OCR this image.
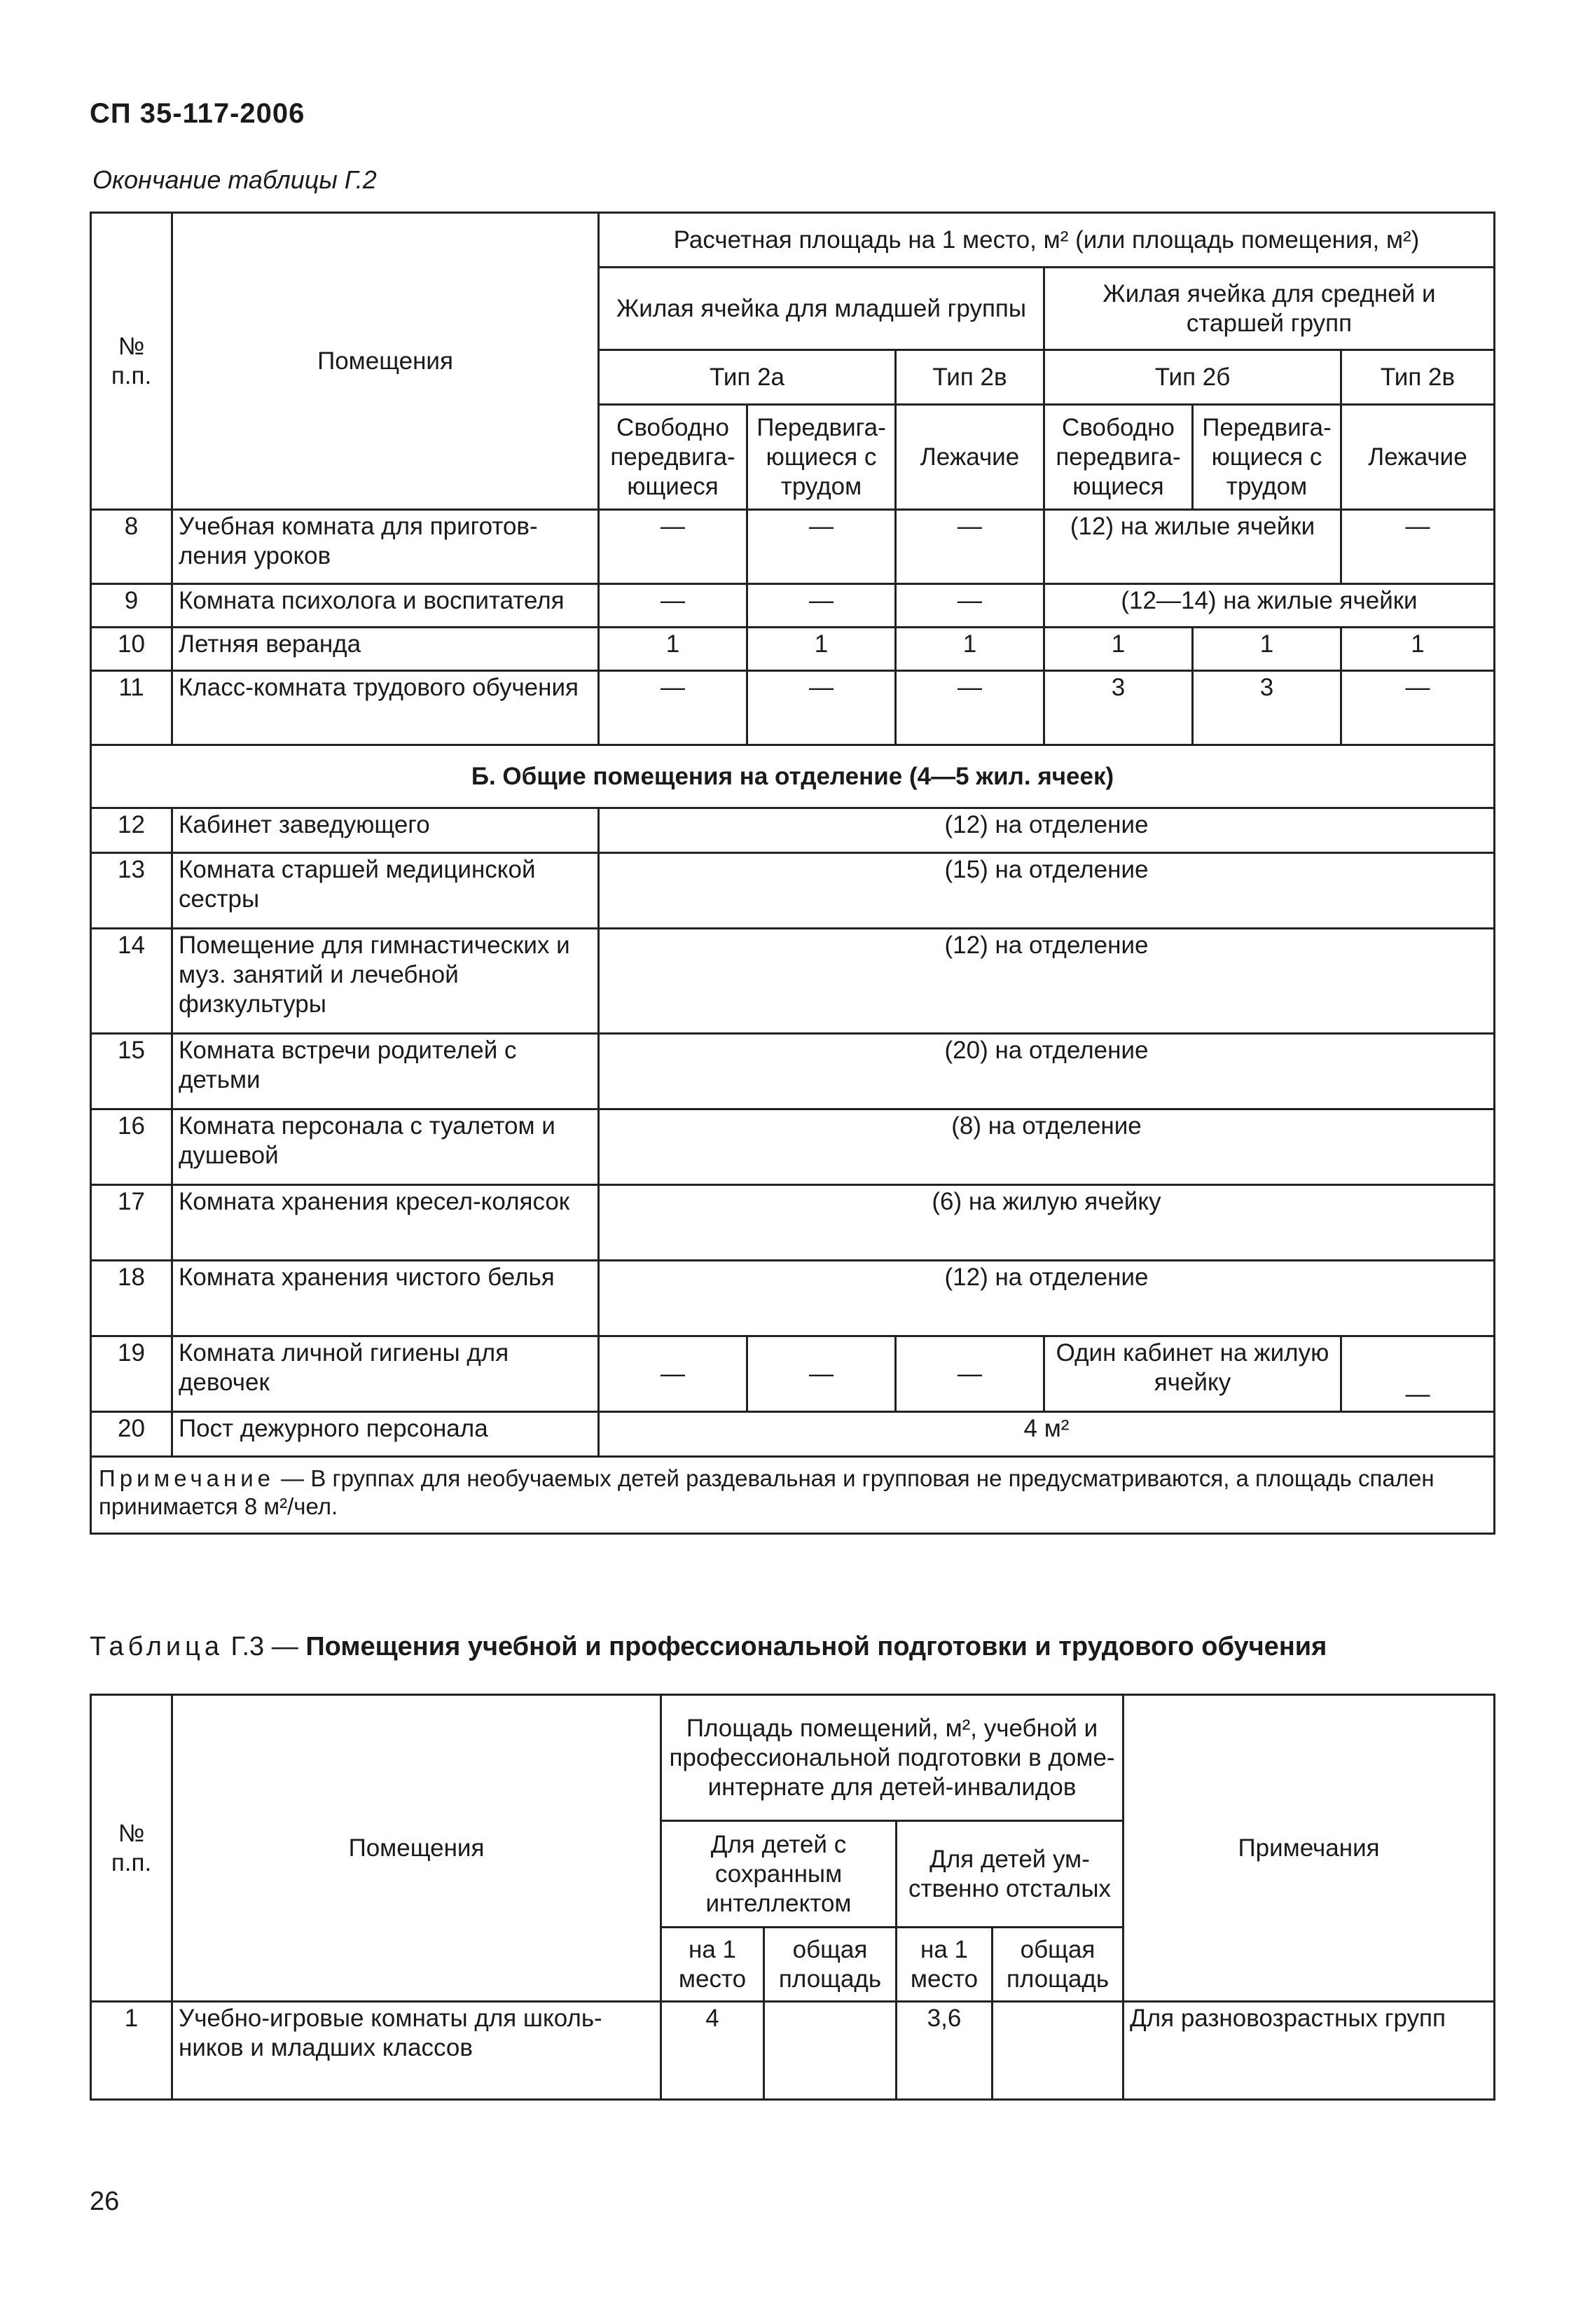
СП 35-117-2006
Окончание таблицы Г.2
№ п.п.	Помещения	Расчетная площадь на 1 место, м² (или площадь помещения, м²)					
		Жилая ячейка для младшей группы			Жилая ячейка для средней и старшей групп		
		Тип 2а		Тип 2в	Тип 2б		Тип 2в
		Свободно передвига-ющиеся	Передвига-ющиеся с трудом	Лежачие	Свободно передвига-ющиеся	Передвига-ющиеся с трудом	Лежачие
8	Учебная комната для приготов-ления уроков	—	—	—	(12) на жилые ячейки		—
9	Комната психолога и воспитателя	—	—	—	(12—14) на жилые ячейки		
10	Летняя веранда	1	1	1	1	1	1
11	Класс-комната трудового обучения	—	—	—	3	3	—
Б. Общие помещения на отделение (4—5 жил. ячеек)							
12	Кабинет заведующего	(12) на отделение					
13	Комната старшей медицинской сестры	(15) на отделение					
14	Помещение для гимнастических и муз. занятий и лечебной физкультуры	(12) на отделение					
15	Комната встречи родителей с детьми	(20) на отделение					
16	Комната персонала с туалетом и душевой	(8) на отделение					
17	Комната хранения кресел-колясок	(6) на жилую ячейку					
18	Комната хранения чистого белья	(12) на отделение					
19	Комната личной гигиены для девочек	—	—	—	Один кабинет на жилую ячейку		—
20	Пост дежурного персонала	4 м²					
Примечание — В группах для необучаемых детей раздевальная и групповая не предусматриваются, а площадь спален принимается 8 м²/чел.							
Таблица Г.3 — Помещения учебной и профессиональной подготовки и трудового обучения
№ п.п.	Помещения	Площадь помещений, м², учебной и профессиональной подготовки в доме-интернате для детей-инвалидов				Примечания
		Для детей с сохранным интеллектом		Для детей ум-ственно отсталых		
		на 1 место	общая площадь	на 1 место	общая площадь	
1	Учебно-игровые комнаты для школь-ников и младших классов	4		3,6		Для разновозрастных групп
26
